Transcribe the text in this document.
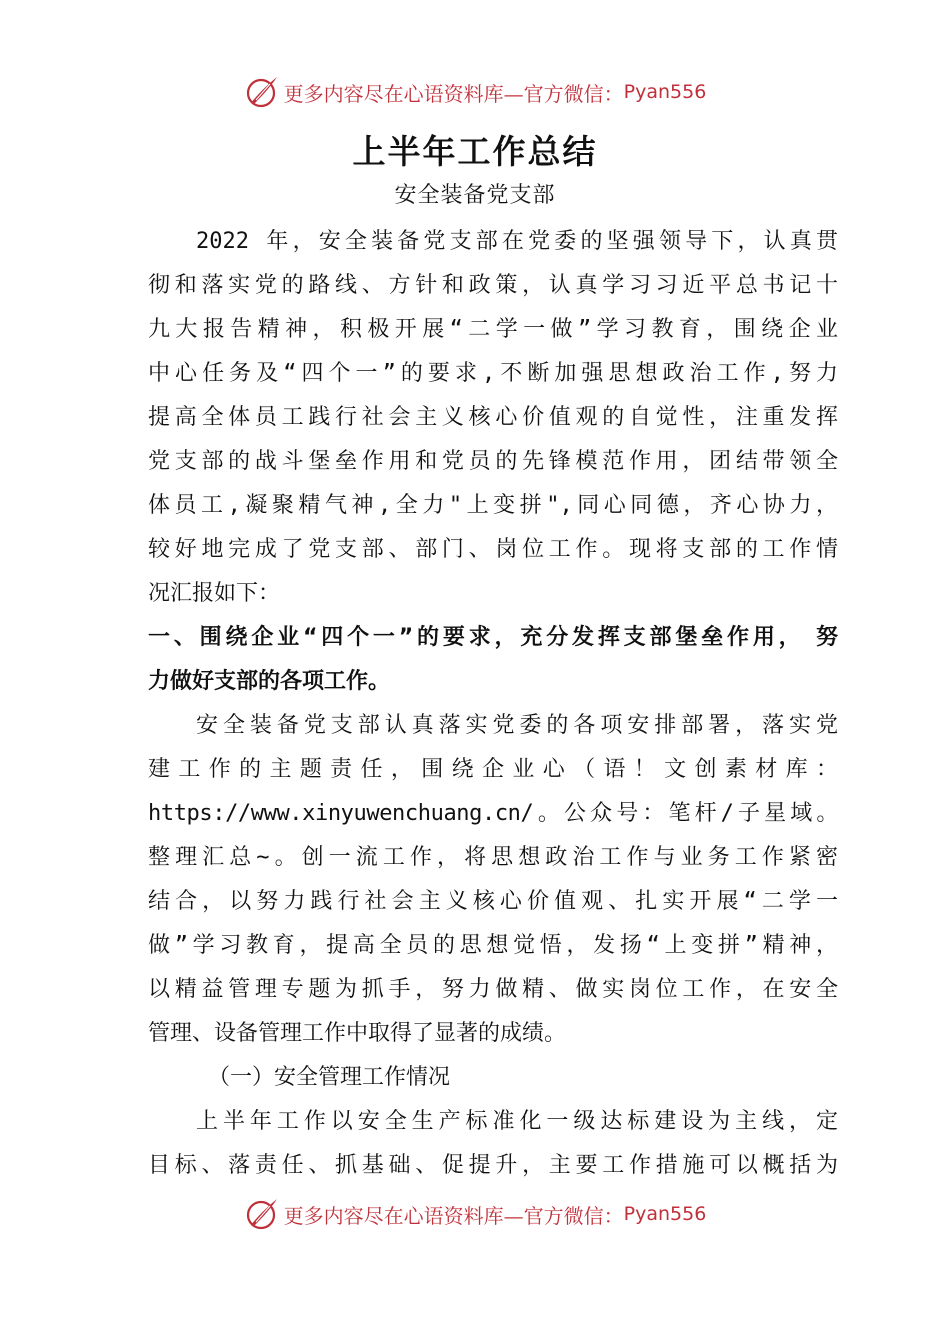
更多内容尽在心语资料库—官方微信： Pyan556
上半年工作总结
安全装备党支部
2022 年，安全装备党支部在党委的坚强领导下，认真贯
彻和落实党的路线、方针和政策，认真学习习近平总书记十
九大报告精神，积极开展“二学一做”学习教育，围绕企业
中心任务及“四个一”的要求,不断加强思想政治工作,努力
提高全体员工践行社会主义核心价值观的自觉性，注重发挥
党支部的战斗堡垒作用和党员的先锋模范作用，团结带领全
体员工,凝聚精气神,全力"上变拼",同心同德，齐心协力，
较好地完成了党支部、部门、岗位工作。现将支部的工作情
况汇报如下：
一、围绕企业“四个一”的要求，充分发挥支部堡垒作用， 努
力做好支部的各项工作。
安全装备党支部认真落实党委的各项安排部署，落实党
建工作的主题责任，围绕企业心（语！文创素材库：
https://www.xinyuwenchuang.cn/。公众号：笔杆/子星域。
整理汇总~。创一流工作，将思想政治工作与业务工作紧密
结合，以努力践行社会主义核心价值观、扎实开展“二学一
做”学习教育，提高全员的思想觉悟，发扬“上变拼”精神，
以精益管理专题为抓手，努力做精、做实岗位工作，在安全
管理、设备管理工作中取得了显著的成绩。
（一）安全管理工作情况
上半年工作以安全生产标准化一级达标建设为主线，定
目标、落责任、抓基础、促提升，主要工作措施可以概括为
更多内容尽在心语资料库—官方微信： Pyan556
